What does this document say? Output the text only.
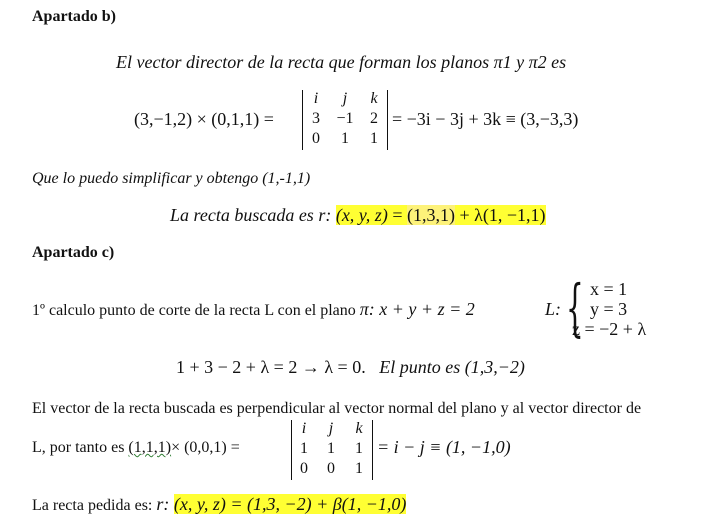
Apartado b)
El vector director de la recta que forman los planos π1 y π2 es
(3,−1,2) × (0,1,1) =
i	j	k
3	−1	2
0	1	1
= −3i − 3j + 3k ≡ (3,−3,3)
Que lo puedo simplificar y obtengo (1,-1,1)
La recta buscada es r: (x, y, z) = (1,3,1) + λ(1, −1,1)
Apartado c)
1º calculo punto de corte de la recta L con el plano π: x + y + z = 2	L: { x = 1
y = 3
z = −2 + λ
1 + 3 − 2 + λ = 2 → λ = 0. El punto es (1,3,−2)
El vector de la recta buscada es perpendicular al vector normal del plano y al vector director de
L, por tanto es (1,1,1)× (0,0,1) =
i	j	k
1	1	1
0	0	1
= i − j ≡ (1, −1,0)
La recta pedida es: r: (x, y, z) = (1,3, −2) + β(1, −1,0)
